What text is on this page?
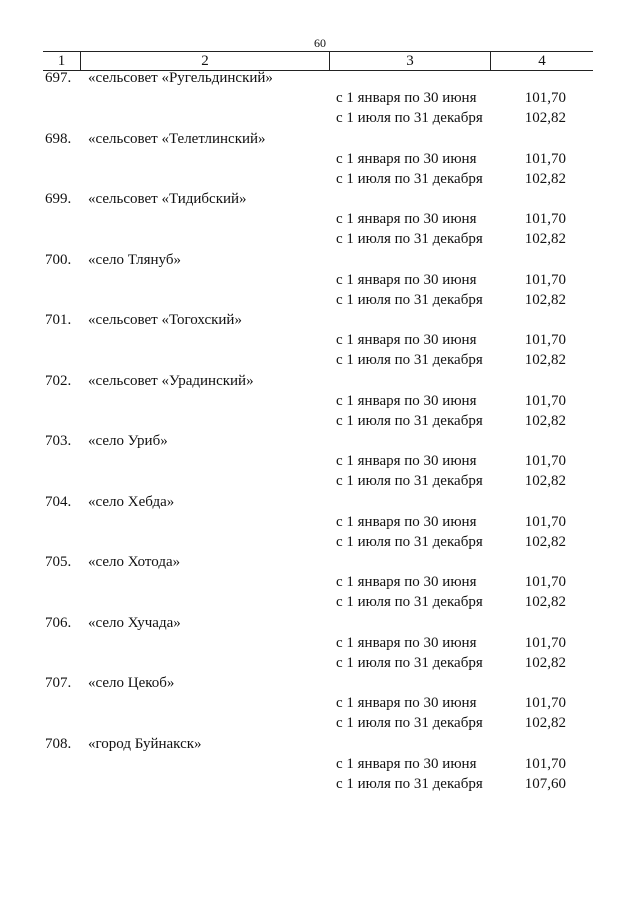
60
1	2	3	4
697.	«сельсовет «Ругельдинский»
с 1 января по 30 июня	101,70
с 1 июля по 31 декабря	102,82
698.	«сельсовет «Телетлинский»
с 1 января по 30 июня	101,70
с 1 июля по 31 декабря	102,82
699.	«сельсовет «Тидибский»
с 1 января по 30 июня	101,70
с 1 июля по 31 декабря	102,82
700.	«село Тлянуб»
с 1 января по 30 июня	101,70
с 1 июля по 31 декабря	102,82
701.	«сельсовет «Тогохский»
с 1 января по 30 июня	101,70
с 1 июля по 31 декабря	102,82
702.	«сельсовет «Урадинский»
с 1 января по 30 июня	101,70
с 1 июля по 31 декабря	102,82
703.	«село Уриб»
с 1 января по 30 июня	101,70
с 1 июля по 31 декабря	102,82
704.	«село Хебда»
с 1 января по 30 июня	101,70
с 1 июля по 31 декабря	102,82
705.	«село Хотода»
с 1 января по 30 июня	101,70
с 1 июля по 31 декабря	102,82
706.	«село Хучада»
с 1 января по 30 июня	101,70
с 1 июля по 31 декабря	102,82
707.	«село Цекоб»
с 1 января по 30 июня	101,70
с 1 июля по 31 декабря	102,82
708.	«город Буйнакск»
с 1 января по 30 июня	101,70
с 1 июля по 31 декабря	107,60
